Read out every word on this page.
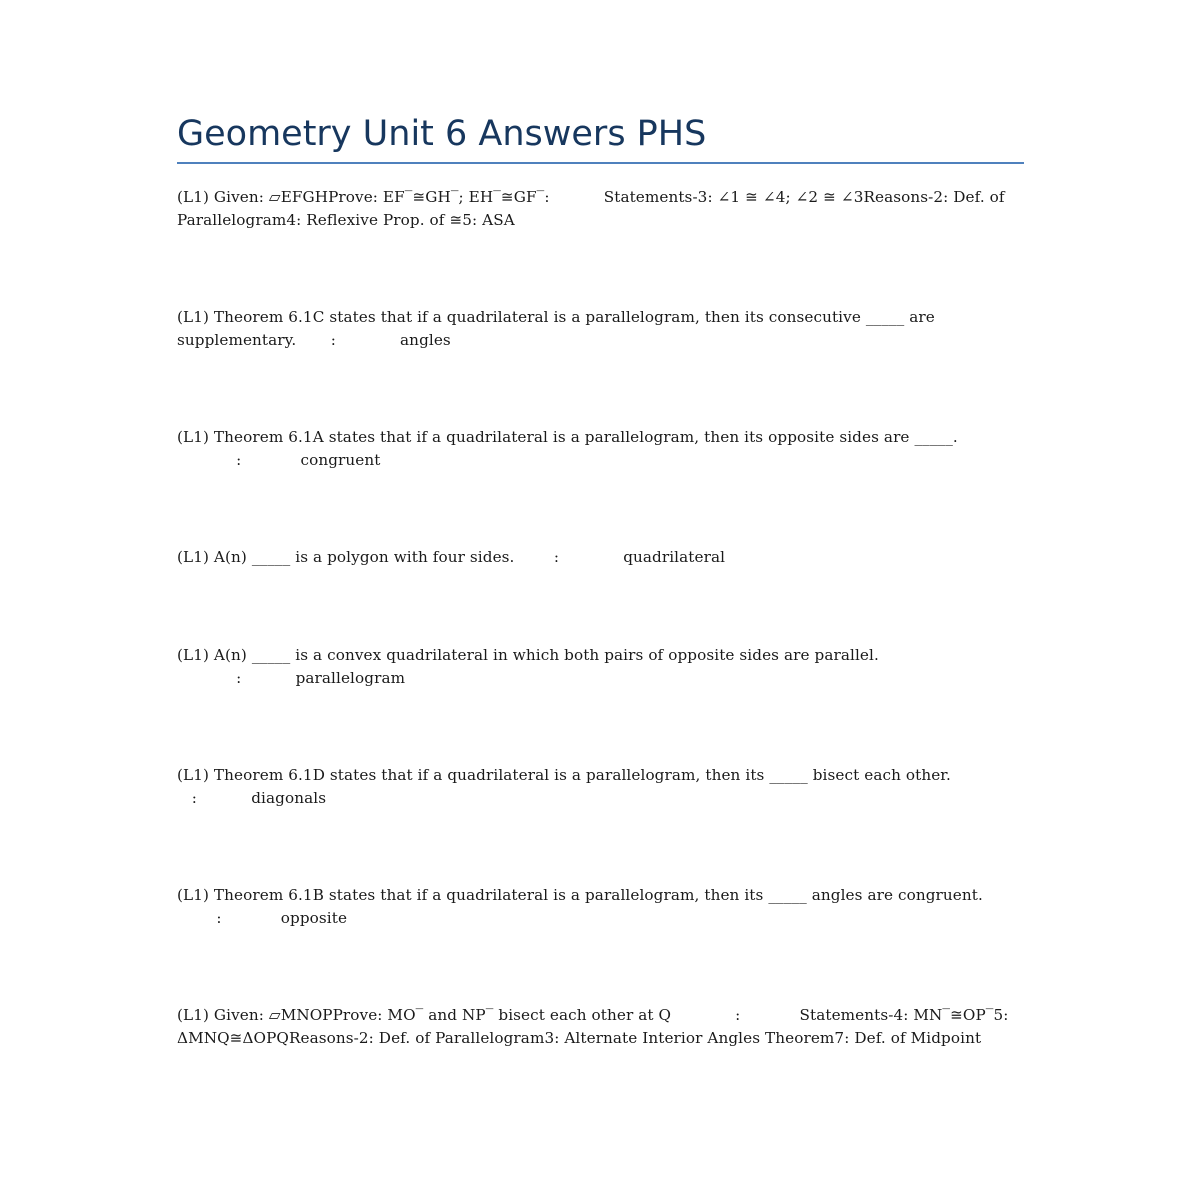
Geometry Unit 6 Answers PHS

(L1) Given: ▱EFGHProve: EF‾≅GH‾; EH‾≅GF‾:           Statements-3: ∠1 ≅ ∠4; ∠2 ≅ ∠3Reasons-2: Def. of Parallelogram4: Reflexive Prop. of ≅5: ASA

(L1) Theorem 6.1C states that if a quadrilateral is a parallelogram, then its consecutive _____ are supplementary.       :             angles

(L1) Theorem 6.1A states that if a quadrilateral is a parallelogram, then its opposite sides are _____.            :            congruent

(L1) A(n) _____ is a polygon with four sides.        :             quadrilateral

(L1) A(n) _____ is a convex quadrilateral in which both pairs of opposite sides are parallel.
:           parallelogram

(L1) Theorem 6.1D states that if a quadrilateral is a parallelogram, then its _____ bisect each other.   :           diagonals

(L1) Theorem 6.1B states that if a quadrilateral is a parallelogram, then its _____ angles are congruent.        :            opposite

(L1) Given: ▱MNOPProve: MO‾ and NP‾ bisect each other at Q             :            Statements-4: MN‾≅OP‾5: ΔMNQ≅ΔOPQReasons-2: Def. of Parallelogram3: Alternate Interior Angles Theorem7: Def. of Midpoint
